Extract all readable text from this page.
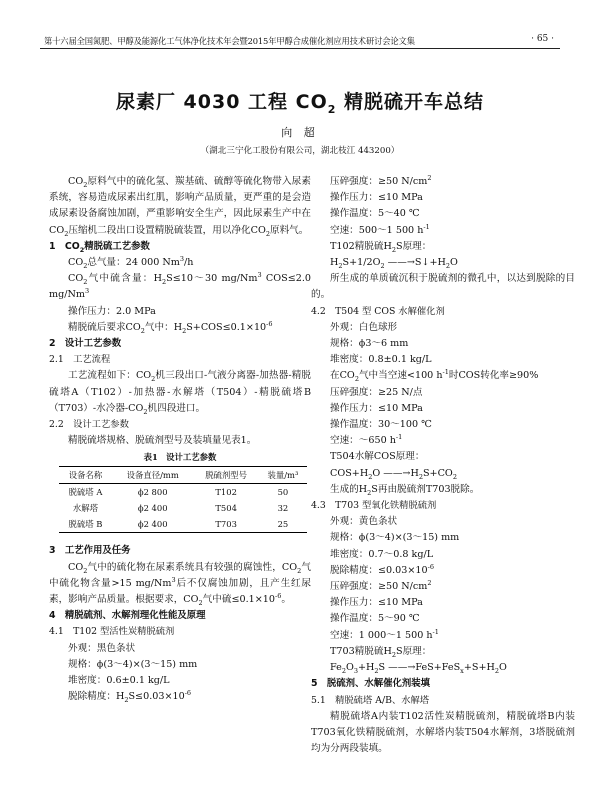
第十六届全国氮肥、甲醇及能源化工气体净化技术年会暨2015年甲醇合成催化剂应用技术研讨会论文集	· 65 ·
尿素厂 4030 工程 $CO_2$ 精脱硫开车总结
向 超
（湖北三宁化工股份有限公司，湖北枝江 443200）

$CO_2$原料气中的硫化氢、羰基硫、硫醇等硫化物带入尿素系统，容易造成尿素出红肌，影响产品质量，更严重的是会造成尿素设备腐蚀加剧，严重影响安全生产，因此尿素生产中在$CO_2$压缩机二段出口设置精脱硫装置，用以净化$CO_2$原料气。

1　$CO_2$精脱硫工艺参数

$CO_2$总气量：24 000 Nm$^3$/h

$CO_2$气中硫含量：$H_2S\le 10\sim 30$ mg/Nm$^3$ COS≤2.0 mg/Nm$^3$

操作压力：2.0 MPa

精脱硫后要求$CO_2$气中：$H_2S+COS\le 0.1\times 10^{-6}$

2　设计工艺参数

2.1　工艺流程

工艺流程如下：$CO_2$机三段出口-气液分离器-加热器-精脱硫塔A（T102）-加热器-水解塔（T504）-精脱硫塔B（T703）-水冷器$-CO_2$机四段进口。

2.2　设计工艺参数

精脱硫塔规格、脱硫剂型号及装填量见表1。

表1　设计工艺参数

设备名称	设备直径/mm	脱硫剂型号	装量/m³
脱硫塔 A	ϕ2 800	T102	50
水解塔	ϕ2 400	T504	32
脱硫塔 B	ϕ2 400	T703	25

3　工艺作用及任务

$CO_2$气中的硫化物在尿素系统具有较强的腐蚀性，$CO_2$气中硫化物含量>15 mg/Nm$^3$后不仅腐蚀加剧，且产生红尿素，影响产品质量。根据要求，$CO_2$气中硫$\le 0.1\times 10^{-6}$。

4　精脱硫剂、水解剂理化性能及原理

4.1　T102 型活性炭精脱硫剂

外观：黑色条状

规格：ϕ(3～4)×(3～15) mm

堆密度：0.6±0.1 kg/L

脱除精度：$H_2S\le 0.03\times 10^{-6}$

压碎强度：≥50 $N/cm^2$

操作压力：≤10 MPa

操作温度：5～40 ℃

空速：500～1 500 $h^{-1}$

T102精脱硫$H_2S$原理：

$H_2S+1/2O_2$ $——\to S↓+H_2O$

所生成的单质硫沉积于脱硫剂的微孔中，以达到脱除的目的。

4.2　T504 型 COS 水解催化剂

外观：白色球形

规格：ϕ3～6 mm

堆密度：0.8±0.1 kg/L

在$CO_2$气中当空速<100 $h^{-1}$时COS转化率≥90%

压碎强度：≥25 N/点

操作压力：≤10 MPa

操作温度：30～100 ℃

空速：～650 $h^{-1}$

T504水解COS原理：

$COS+H_2O$ $——\to H_2S+CO_2$

生成的$H_2S$再由脱硫剂T703脱除。

4.3　T703 型氧化铁精脱硫剂

外观：黄色条状

规格：ϕ(3～4)×(3～15) mm

堆密度：0.7～0.8 kg/L

脱除精度：$\le 0.03\times 10^{-6}$

压碎强度：≥50 $N/cm^2$

操作压力：≤10 MPa

操作温度：5～90 ℃

空速：1 000～1 500 $h^{-1}$

T703精脱硫$H_2S$原理：

$Fe_2O_3+H_2S$ $——\to FeS+FeS_x+S+H_2O$

5　脱硫剂、水解催化剂装填

5.1　精脱硫塔 A/B、水解塔

精脱硫塔A内装T102活性炭精脱硫剂，精脱硫塔B内装T703氧化铁精脱硫剂，水解塔内装T504水解剂，3塔脱硫剂均为分两段装填。
